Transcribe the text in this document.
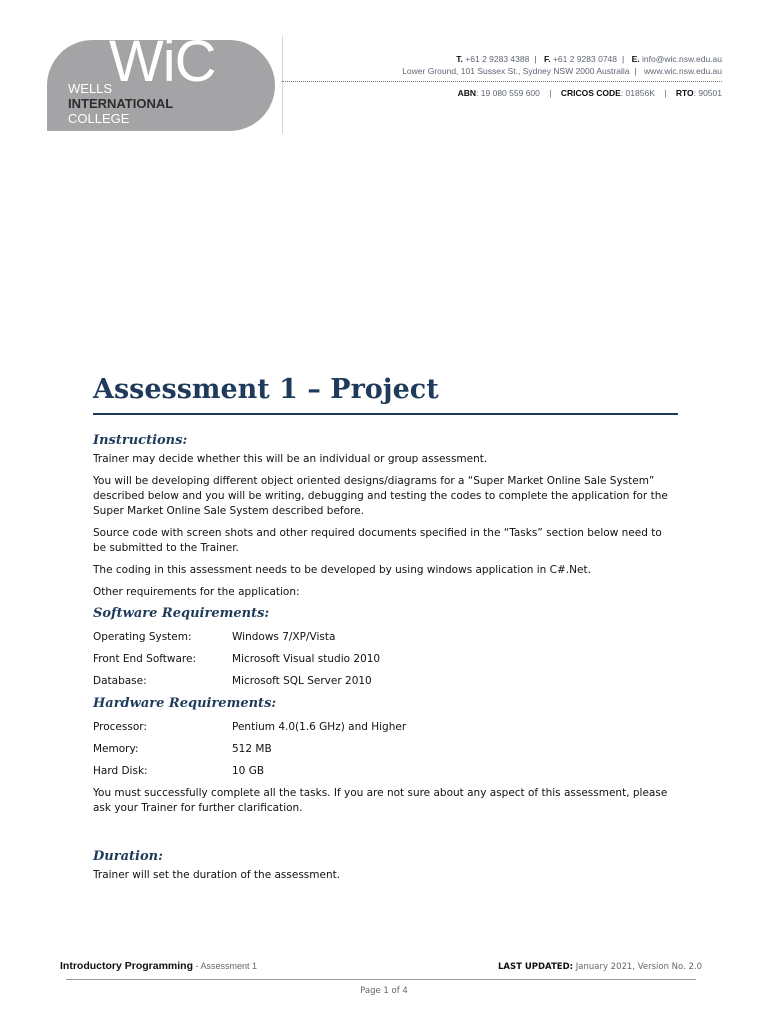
WiC
WELLS
INTERNATIONAL
COLLEGE
T. +61 2 9283 4388 | F. +61 2 9283 0748 | E. info@wic.nsw.edu.au
Lower Ground, 101 Sussex St., Sydney NSW 2000 Australia | www.wic.nsw.edu.au
ABN: 19 080 559 600 | CRICOS CODE: 01856K | RTO: 90501
Assessment 1 – Project
Instructions:

Trainer may decide whether this will be an individual or group assessment.

You will be developing different object oriented designs/diagrams for a “Super Market Online Sale System” described below and you will be writing, debugging and testing the codes to complete the application for the Super Market Online Sale System described before.

Source code with screen shots and other required documents specified in the “Tasks” section below need to be submitted to the Trainer.

The coding in this assessment needs to be developed by using windows application in C#.Net.

Other requirements for the application:

Software Requirements:
Operating System:	Windows 7/XP/Vista
Front End Software:	Microsoft Visual studio 2010
Database:	Microsoft SQL Server 2010
Hardware Requirements:
Processor:	Pentium 4.0(1.6 GHz) and Higher
Memory:	512 MB
Hard Disk:	10 GB

You must successfully complete all the tasks. If you are not sure about any aspect of this assessment, please ask your Trainer for further clarification.

Duration:

Trainer will set the duration of the assessment.

Introductory Programming - Assessment 1	LAST UPDATED: January 2021, Version No. 2.0
Page 1 of 4
